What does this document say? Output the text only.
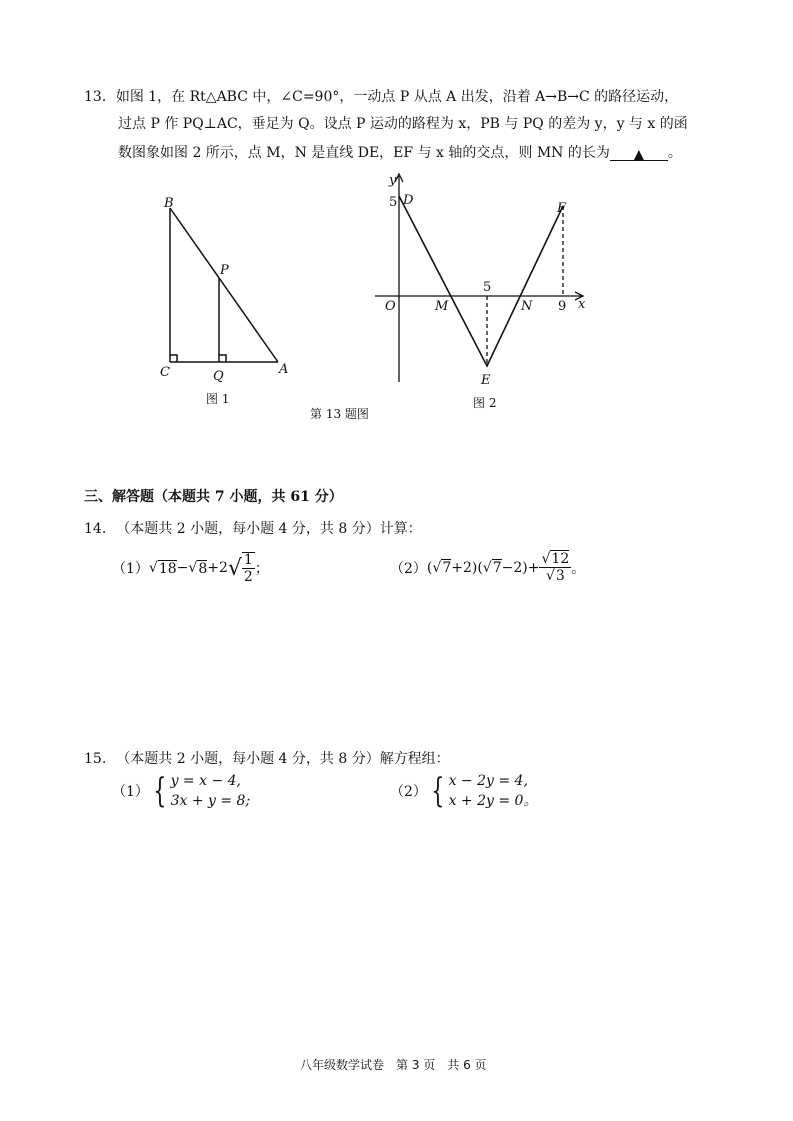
13．如图 1，在 Rt△ABC 中，∠C=90°，一动点 P 从点 A 出发，沿着 A→B→C 的路径运动，
过点 P 作 PQ⊥AC，垂足为 Q。设点 P 运动的路程为 x，PB 与 PQ 的差为 y，y 与 x 的函
数图象如图 2 所示，点 M，N 是直线 DE，EF 与 x 轴的交点，则 MN 的长为 ▲ 。
B
P
C	Q	A
图 1
y
x
O
5 D
5
9
M	N
E
F
图 2
第 13 题图
三、解答题（本题共 7 小题，共 61 分）
14. （本题共 2 小题，每小题 4 分，共 8 分）计算：
（1） √ 18 − √ 8 +2 √ $\frac{1}{2}$ ；	（2） ( √ 7 +2)( √ $7 -2)+ \frac{√12}{√3}$ 。
15. （本题共 2 小题，每小题 4 分，共 8 分）解方程组：
（1） { y = x − 4,
3x + y = 8;
（2） { x − 2y = 4,
x + 2y = 0。
八年级数学试卷　第 3 页　共 6 页
